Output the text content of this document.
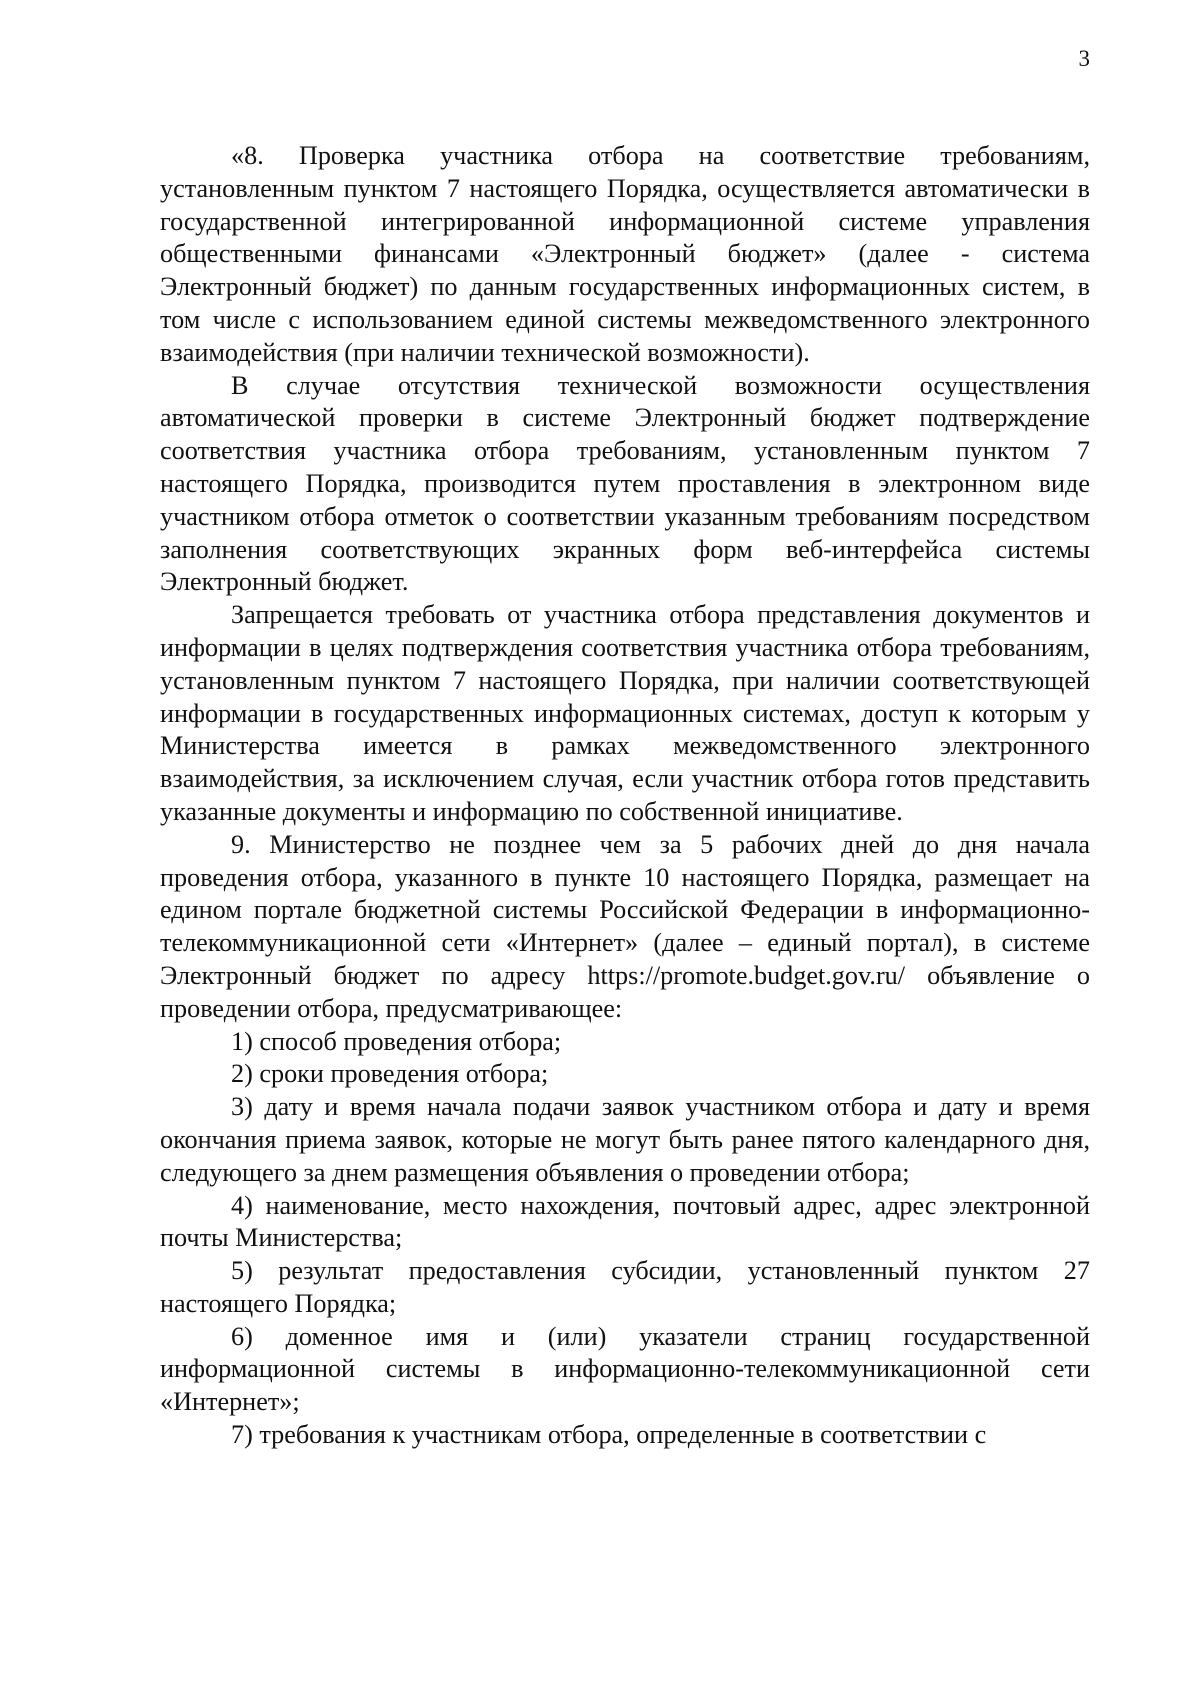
3

«8. Проверка участника отбора на соответствие требованиям, установленным пунктом 7 настоящего Порядка, осуществляется автоматически в государственной интегрированной информационной системе управления общественными финансами «Электронный бюджет» (далее - система Электронный бюджет) по данным государственных информационных систем, в том числе с использованием единой системы межведомственного электронного взаимодействия (при наличии технической возможности).

В случае отсутствия технической возможности осуществления автоматической проверки в системе Электронный бюджет подтверждение соответствия участника отбора требованиям, установленным пунктом 7 настоящего Порядка, производится путем проставления в электронном виде участником отбора отметок о соответствии указанным требованиям посредством заполнения соответствующих экранных форм веб-интерфейса системы Электронный бюджет.

Запрещается требовать от участника отбора представления документов и информации в целях подтверждения соответствия участника отбора требованиям, установленным пунктом 7 настоящего Порядка, при наличии соответствующей информации в государственных информационных системах, доступ к которым у Министерства имеется в рамках межведомственного электронного взаимодействия, за исключением случая, если участник отбора готов представить указанные документы и информацию по собственной инициативе.

9. Министерство не позднее чем за 5 рабочих дней до дня начала проведения отбора, указанного в пункте 10 настоящего Порядка, размещает на едином портале бюджетной системы Российской Федерации в информационно-телекоммуникационной сети «Интернет» (далее – единый портал), в системе Электронный бюджет по адресу https://promote.budget.gov.ru/ объявление о проведении отбора, предусматривающее:

1) способ проведения отбора;

2) сроки проведения отбора;

3) дату и время начала подачи заявок участником отбора и дату и время окончания приема заявок, которые не могут быть ранее пятого календарного дня, следующего за днем размещения объявления о проведении отбора;

4) наименование, место нахождения, почтовый адрес, адрес электронной почты Министерства;

5) результат предоставления субсидии, установленный пунктом 27 настоящего Порядка;

6) доменное имя и (или) указатели страниц государственной информационной системы в информационно-телекоммуникационной сети «Интернет»;

7) требования к участникам отбора, определенные в соответствии с
